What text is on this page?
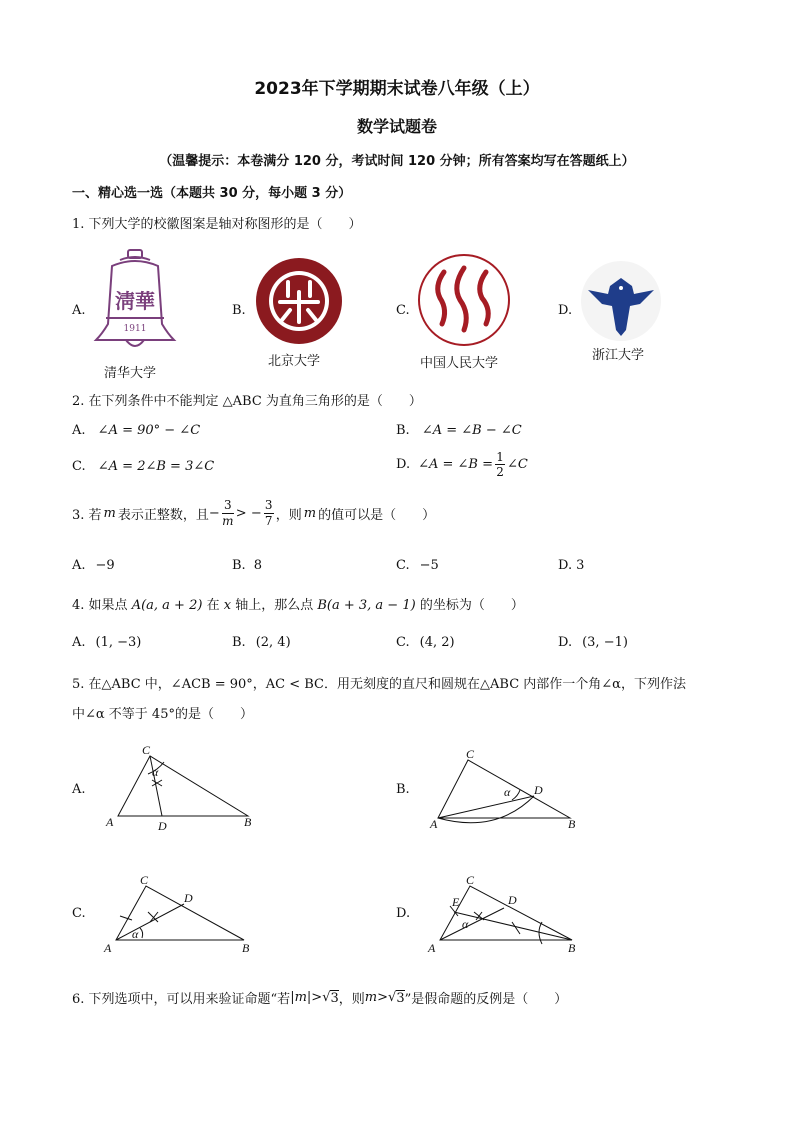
2023年下学期期末试卷八年级（上）
数学试题卷
（温馨提示：本卷满分 120 分，考试时间 120 分钟；所有答案均写在答题纸上）
一、精心选一选（本题共 30 分，每小题 3 分）
1. 下列大学的校徽图案是轴对称图形的是（　　）
A. 淸華
1911
清华大学
B.
北京大学
C.
中国人民大学
D.
浙江大学
2. 在下列条件中不能判定 △ABC 为直角三角形的是（　　）
A. ∠A = 90° − ∠C	B. ∠A = ∠B − ∠C
C. ∠A = 2∠B = 3∠C	D. ∠A = ∠B = 1
2 ∠C
3. 若 m 表示正整数，且 −
3
m > −
3
7 ，则 m 的值可以是（　　）
A. −9	B. 8	C. −5	D. 3
4. 如果点 A(a, a + 2) 在 x 轴上，那么点 B(a + 3, a − 1) 的坐标为（　　）
A. (1, −3)	B. (2, 4)	C. (4, 2)	D. (3, −1)
5. 在△ABC 中，∠ACB = 90°，AC < BC．用无刻度的直尺和圆规在△ABC 内部作一个角∠α，下列作法
中∠α 不等于 45°的是（　　）
A.
C
A	B
D
α
B.
C
A	B
D
α
C.
C
A	B
D
α
D.
C
A	B
D
E
α
6. 下列选项中，可以用来验证命题“若 |m| > √ 3 ，则 m > √ 3 ”是假命题的反例是（　　）
